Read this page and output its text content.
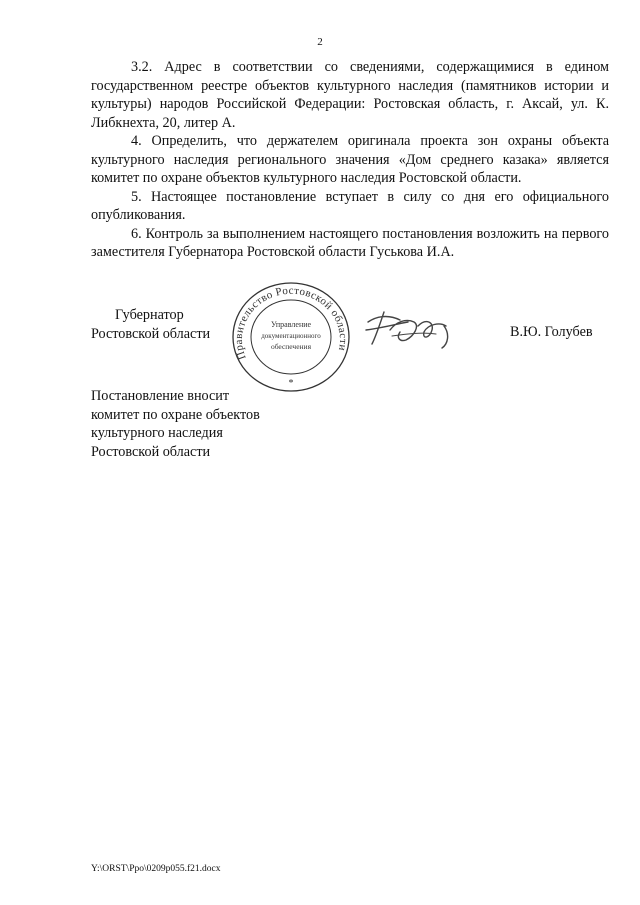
2

3.2. Адрес в соответствии со сведениями, содержащимися в едином государственном реестре объектов культурного наследия (памятников истории и культуры) народов Российской Федерации: Ростовская область, г. Аксай, ул. К. Либкнехта, 20, литер А.

4. Определить, что держателем оригинала проекта зон охраны объекта культурного наследия регионального значения «Дом среднего казака» является комитет по охране объектов культурного наследия Ростовской области.

5. Настоящее постановление вступает в силу со дня его официального опубликования.

6. Контроль за выполнением настоящего постановления возложить на первого заместителя Губернатора Ростовской области Гуськова И.А.

Губернатор
Ростовской области
Правительство Ростовской области
Управление
документационного
обеспечения
*
В.Ю. Голубев
Постановление вносит
комитет по охране объектов
культурного наследия
Ростовской области
Y:\ORST\Ppo\0209p055.f21.docx
